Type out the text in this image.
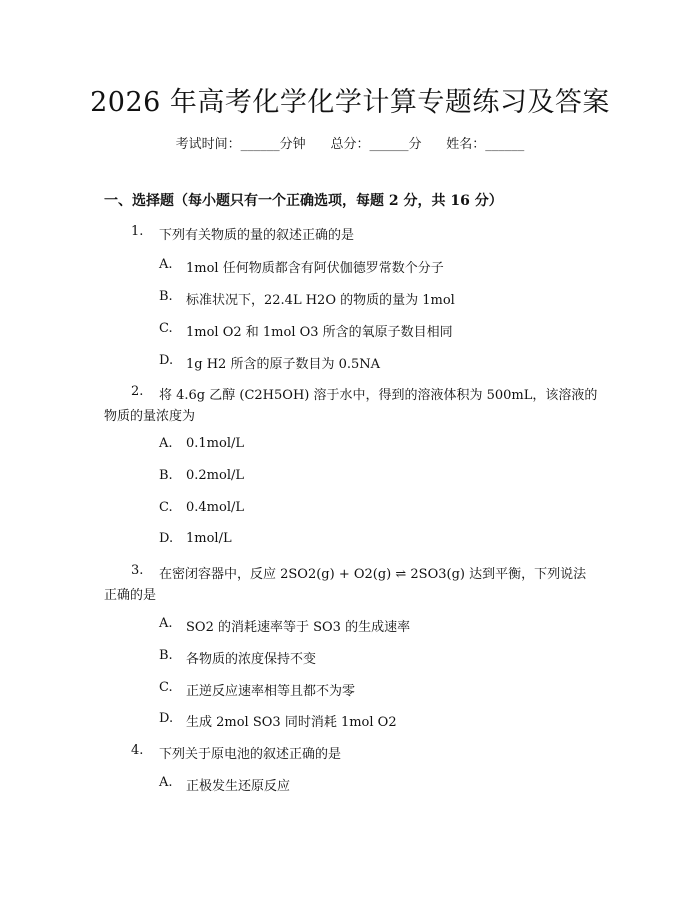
2026 年高考化学化学计算专题练习及答案
考试时间：______分钟 总分：______分 姓名：______
一、选择题（每小题只有一个正确选项，每题 2 分，共 16 分）
1. 下列有关物质的量的叙述正确的是
A. 1mol 任何物质都含有阿伏伽德罗常数个分子
B. 标准状况下，22.4L H2O 的物质的量为 1mol
C. 1mol O2 和 1mol O3 所含的氧原子数目相同
D. 1g H2 所含的原子数目为 0.5NA
2. 将 4.6g 乙醇 (C2H5OH) 溶于水中，得到的溶液体积为 500mL，该溶液的
物质的量浓度为
A. 0.1mol/L
B. 0.2mol/L
C. 0.4mol/L
D. 1mol/L
3. 在密闭容器中，反应 2SO2(g) + O2(g) ⇌ 2SO3(g) 达到平衡，下列说法
正确的是
A. SO2 的消耗速率等于 SO3 的生成速率
B. 各物质的浓度保持不变
C. 正逆反应速率相等且都不为零
D. 生成 2mol SO3 同时消耗 1mol O2
4. 下列关于原电池的叙述正确的是
A. 正极发生还原反应
